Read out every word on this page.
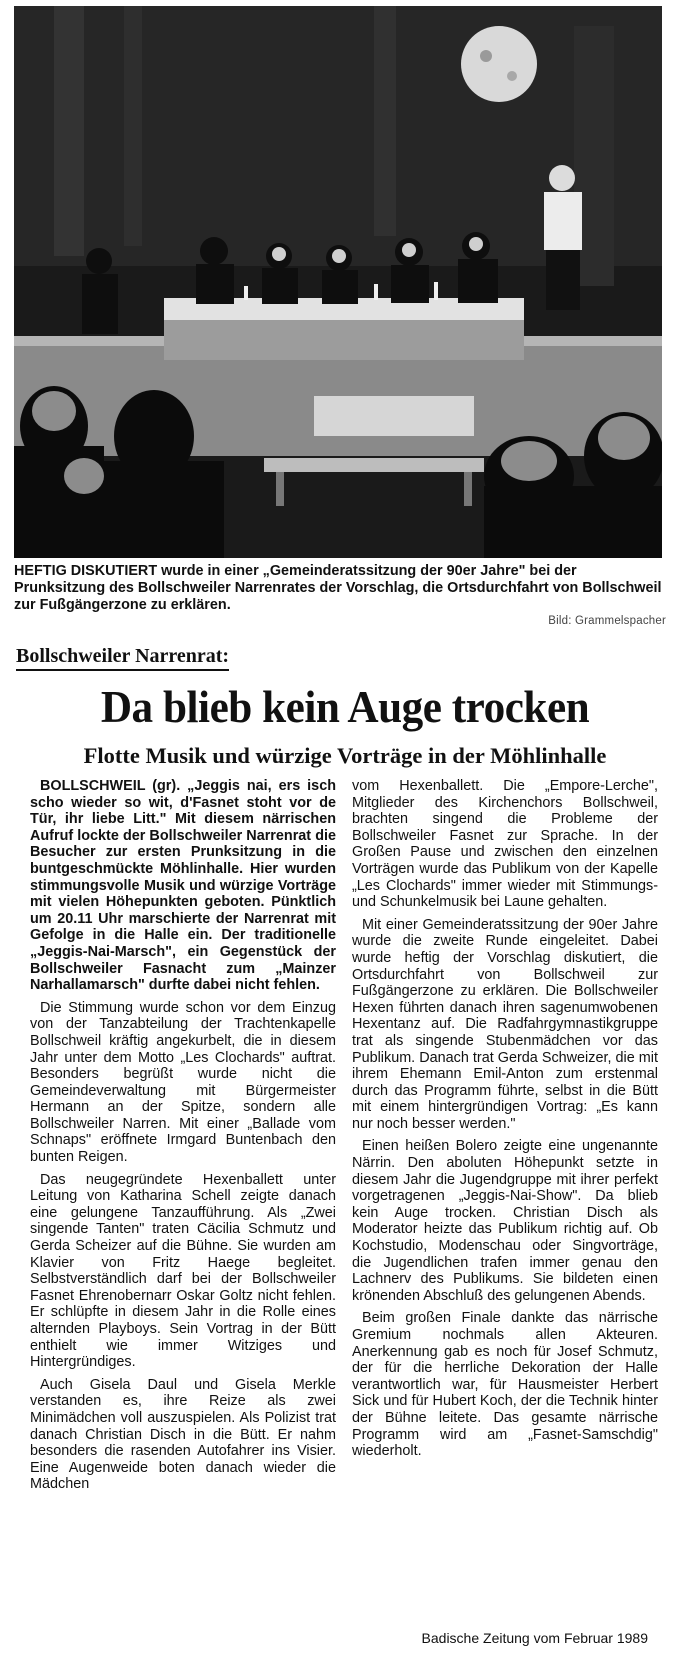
HEFTIG DISKUTIERT wurde in einer „Gemeinderatssitzung der 90er Jahre" bei der Prunksitzung des Bollschweiler Narrenrates der Vorschlag, die Ortsdurchfahrt von Bollschweil zur Fußgängerzone zu erklären.
Bild: Grammelspacher
Bollschweiler Narrenrat:
Da blieb kein Auge trocken
Flotte Musik und würzige Vorträge in der Möhlinhalle

BOLLSCHWEIL (gr). „Jeggis nai, ers isch scho wieder so wit, d'Fasnet stoht vor de Tür, ihr liebe Litt." Mit diesem närrischen Aufruf lockte der Bollschweiler Narrenrat die Besucher zur ersten Prunksitzung in die buntgeschmückte Möhlinhalle. Hier wurden stimmungsvolle Musik und würzige Vorträge mit vielen Höhepunkten geboten. Pünktlich um 20.11 Uhr marschierte der Narrenrat mit Gefolge in die Halle ein. Der traditionelle „Jeggis-Nai-Marsch", ein Gegenstück der Bollschweiler Fasnacht zum „Mainzer Narhallamarsch" durfte dabei nicht fehlen.

Die Stimmung wurde schon vor dem Einzug von der Tanzabteilung der Trachtenkapelle Bollschweil kräftig angekurbelt, die in diesem Jahr unter dem Motto „Les Clochards" auftrat. Besonders begrüßt wurde nicht die Gemeindeverwaltung mit Bürgermeister Hermann an der Spitze, sondern alle Bollschweiler Narren. Mit einer „Ballade vom Schnaps" eröffnete Irmgard Buntenbach den bunten Reigen.

Das neugegründete Hexenballett unter Leitung von Katharina Schell zeigte danach eine gelungene Tanzaufführung. Als „Zwei singende Tanten" traten Cäcilia Schmutz und Gerda Scheizer auf die Bühne. Sie wurden am Klavier von Fritz Haege begleitet. Selbstverständlich darf bei der Bollschweiler Fasnet Ehrenobernarr Oskar Goltz nicht fehlen. Er schlüpfte in diesem Jahr in die Rolle eines alternden Playboys. Sein Vortrag in der Bütt enthielt wie immer Witziges und Hintergründiges.

Auch Gisela Daul und Gisela Merkle verstanden es, ihre Reize als zwei Minimädchen voll auszuspielen. Als Polizist trat danach Christian Disch in die Bütt. Er nahm besonders die rasenden Autofahrer ins Visier. Eine Augenweide boten danach wieder die Mädchen

vom Hexenballett. Die „Empore-Lerche", Mitglieder des Kirchenchors Bollschweil, brachten singend die Probleme der Bollschweiler Fasnet zur Sprache. In der Großen Pause und zwischen den einzelnen Vorträgen wurde das Publikum von der Kapelle „Les Clochards" immer wieder mit Stimmungs- und Schunkelmusik bei Laune gehalten.

Mit einer Gemeinderatssitzung der 90er Jahre wurde die zweite Runde eingeleitet. Dabei wurde heftig der Vorschlag diskutiert, die Ortsdurchfahrt von Bollschweil zur Fußgängerzone zu erklären. Die Bollschweiler Hexen führten danach ihren sagenumwobenen Hexentanz auf. Die Radfahrgymnastikgruppe trat als singende Stubenmädchen vor das Publikum. Danach trat Gerda Schweizer, die mit ihrem Ehemann Emil-Anton zum erstenmal durch das Programm führte, selbst in die Bütt mit einem hintergründigen Vortrag: „Es kann nur noch besser werden."

Einen heißen Bolero zeigte eine ungenannte Närrin. Den aboluten Höhepunkt setzte in diesem Jahr die Jugendgruppe mit ihrer perfekt vorgetragenen „Jeggis-Nai-Show". Da blieb kein Auge trocken. Christian Disch als Moderator heizte das Publikum richtig auf. Ob Kochstudio, Modenschau oder Singvorträge, die Jugendlichen trafen immer genau den Lachnerv des Publikums. Sie bildeten einen krönenden Abschluß des gelungenen Abends.

Beim großen Finale dankte das närrische Gremium nochmals allen Akteuren. Anerkennung gab es noch für Josef Schmutz, der für die herrliche Dekoration der Halle verantwortlich war, für Hausmeister Herbert Sick und für Hubert Koch, der die Technik hinter der Bühne leitete. Das gesamte närrische Programm wird am „Fasnet-Samschdig" wiederholt.

Badische Zeitung vom Februar 1989
